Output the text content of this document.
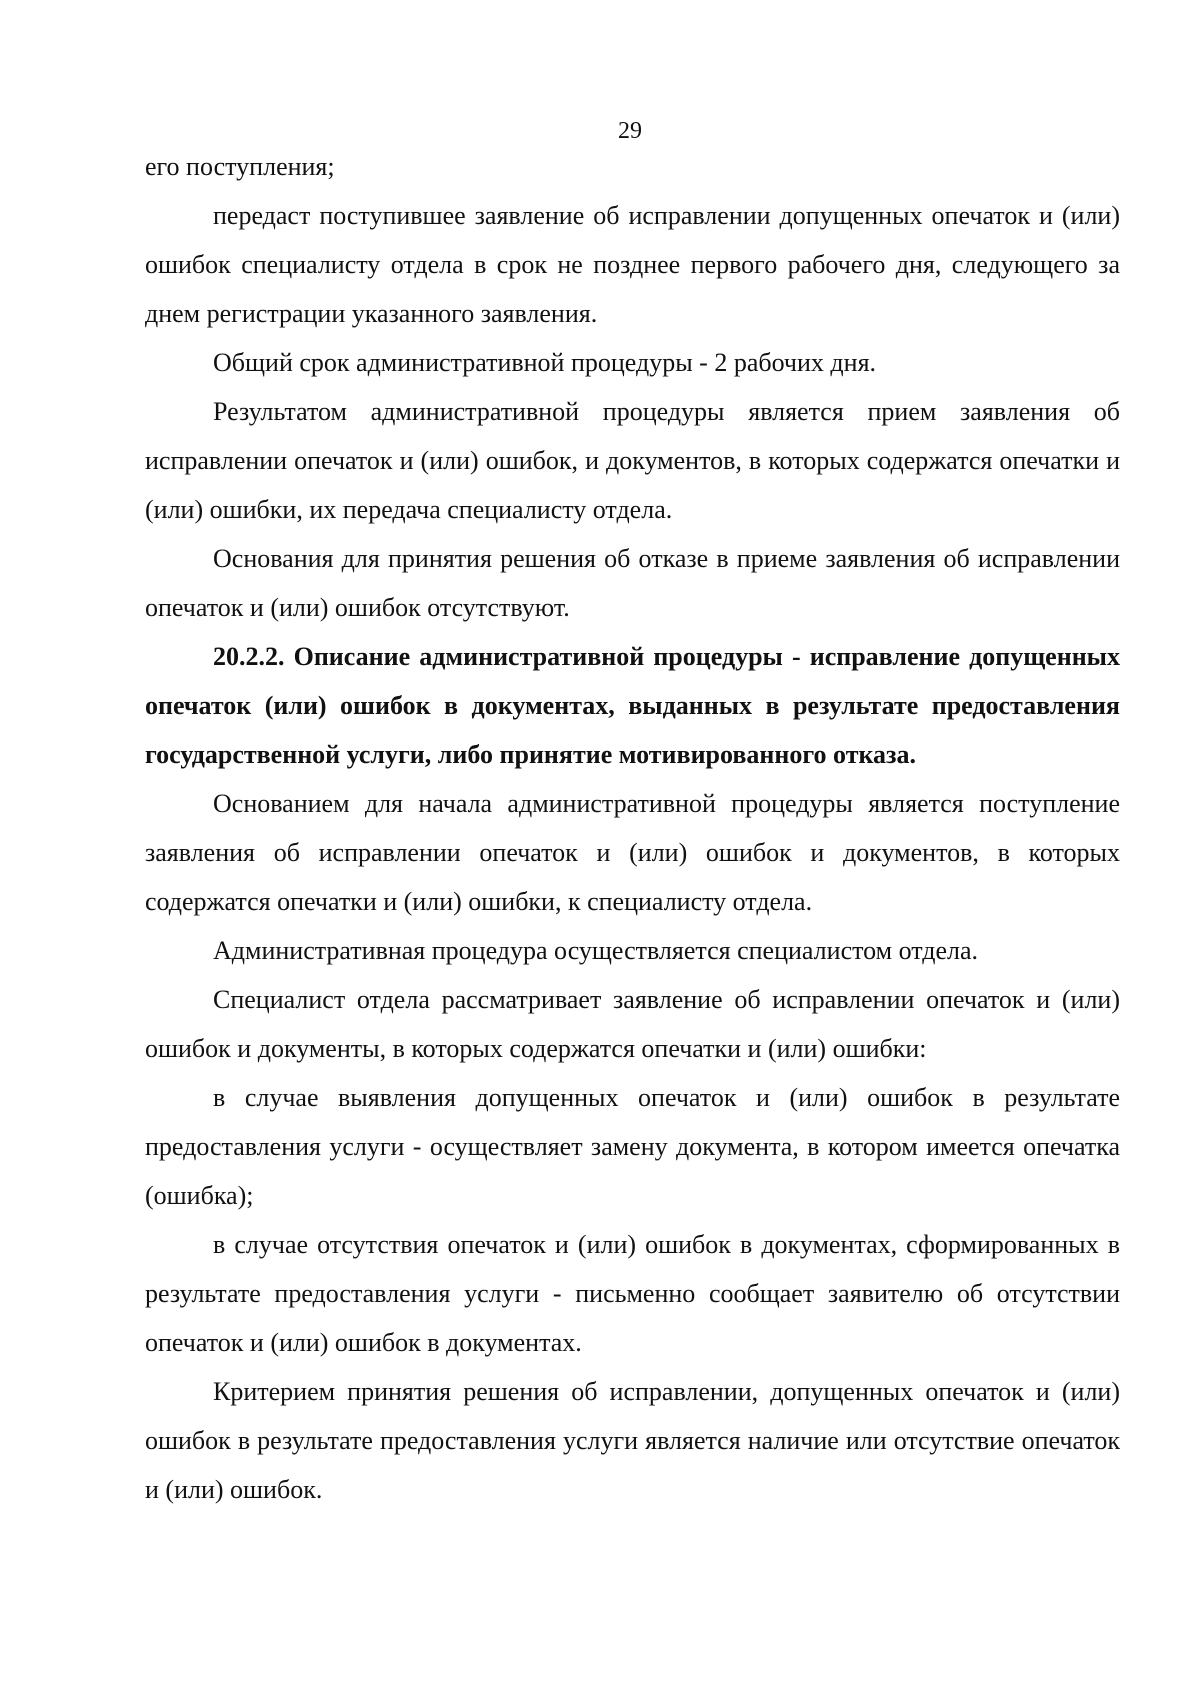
29

его поступления;

передаст поступившее заявление об исправлении допущенных опечаток и (или) ошибок специалисту отдела в срок не позднее первого рабочего дня, следующего за днем регистрации указанного заявления.

Общий срок административной процедуры - 2 рабочих дня.

Результатом административной процедуры является прием заявления об исправлении опечаток и (или) ошибок, и документов, в которых содержатся опечатки и (или) ошибки, их передача специалисту отдела.

Основания для принятия решения об отказе в приеме заявления об исправлении опечаток и (или) ошибок отсутствуют.

20.2.2. Описание административной процедуры - исправление допущенных опечаток (или) ошибок в документах, выданных в результате предоставления государственной услуги, либо принятие мотивированного отказа.

Основанием для начала административной процедуры является поступление заявления об исправлении опечаток и (или) ошибок и документов, в которых содержатся опечатки и (или) ошибки, к специалисту отдела.

Административная процедура осуществляется специалистом отдела.

Специалист отдела рассматривает заявление об исправлении опечаток и (или) ошибок и документы, в которых содержатся опечатки и (или) ошибки:

в случае выявления допущенных опечаток и (или) ошибок в результате предоставления услуги - осуществляет замену документа, в котором имеется опечатка (ошибка);

в случае отсутствия опечаток и (или) ошибок в документах, сформированных в результате предоставления услуги - письменно сообщает заявителю об отсутствии опечаток и (или) ошибок в документах.

Критерием принятия решения об исправлении, допущенных опечаток и (или) ошибок в результате предоставления услуги является наличие или отсутствие опечаток и (или) ошибок.
